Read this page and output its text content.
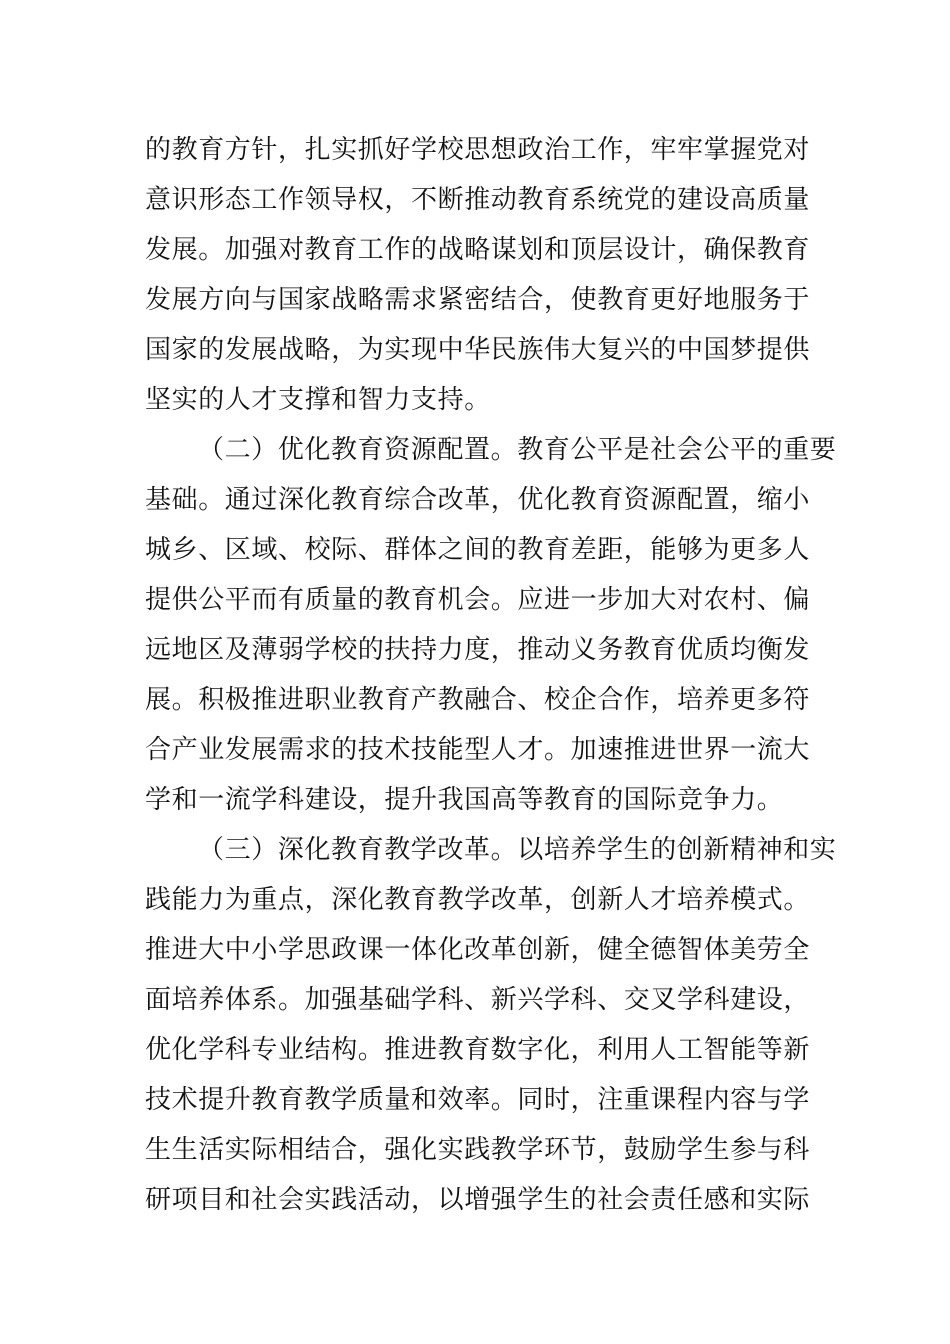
的教育方针，扎实抓好学校思想政治工作，牢牢掌握党对
意识形态工作领导权，不断推动教育系统党的建设高质量
发展。加强对教育工作的战略谋划和顶层设计，确保教育
发展方向与国家战略需求紧密结合，使教育更好地服务于
国家的发展战略，为实现中华民族伟大复兴的中国梦提供
坚实的人才支撑和智力支持。
（二）优化教育资源配置。教育公平是社会公平的重要
基础。通过深化教育综合改革，优化教育资源配置，缩小
城乡、区域、校际、群体之间的教育差距，能够为更多人
提供公平而有质量的教育机会。应进一步加大对农村、偏
远地区及薄弱学校的扶持力度，推动义务教育优质均衡发
展。积极推进职业教育产教融合、校企合作，培养更多符
合产业发展需求的技术技能型人才。加速推进世界一流大
学和一流学科建设，提升我国高等教育的国际竞争力。
（三）深化教育教学改革。以培养学生的创新精神和实
践能力为重点，深化教育教学改革，创新人才培养模式。
推进大中小学思政课一体化改革创新，健全德智体美劳全
面培养体系。加强基础学科、新兴学科、交叉学科建设，
优化学科专业结构。推进教育数字化，利用人工智能等新
技术提升教育教学质量和效率。同时，注重课程内容与学
生生活实际相结合，强化实践教学环节，鼓励学生参与科
研项目和社会实践活动，以增强学生的社会责任感和实际
